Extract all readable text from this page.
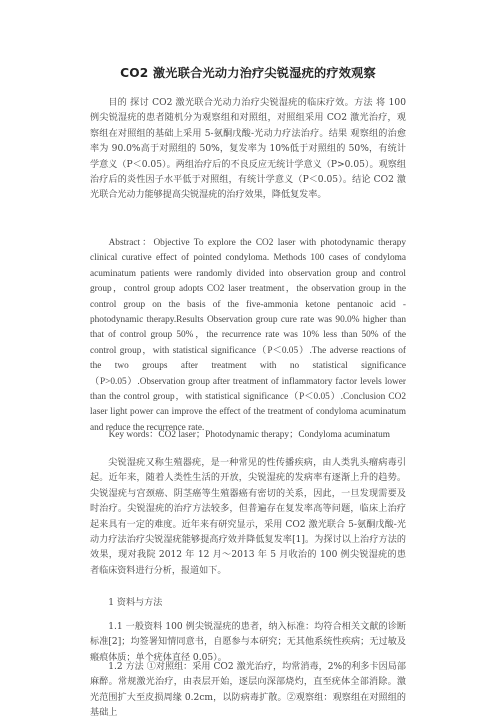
CO2 激光联合光动力治疗尖锐湿疣的疗效观察

目的 探讨 CO2 激光联合光动力治疗尖锐湿疣的临床疗效。方法 将 100 例尖锐湿疣的患者随机分为观察组和对照组，对照组采用 CO2 激光治疗，观察组在对照组的基础上采用 5-氨酮戊酸-光动力疗法治疗。结果 观察组的治愈率为 90.0%高于对照组的 50%，复发率为 10%低于对照组的 50%，有统计学意义（P＜0.05）。两组治疗后的不良反应无统计学意义（P>0.05）。观察组治疗后的炎性因子水平低于对照组，有统计学意义（P＜0.05）。结论 CO2 激光联合光动力能够提高尖锐湿疣的治疗效果，降低复发率。

Abstract：Objective To explore the CO2 laser with photodynamic therapy clinical curative effect of pointed condyloma. Methods 100 cases of condyloma acuminatum patients were randomly divided into observation group and control group，control group adopts CO2 laser treatment，the observation group in the control group on the basis of the five-ammonia ketone pentanoic acid - photodynamic therapy.Results Observation group cure rate was 90.0% higher than that of control group 50%，the recurrence rate was 10% less than 50% of the control group，with statistical significance（P＜0.05）.The adverse reactions of the two groups after treatment with no statistical significance（P>0.05）.Observation group after treatment of inflammatory factor levels lower than the control group，with statistical significance（P＜0.05）.Conclusion CO2 laser light power can improve the effect of the treatment of condyloma acuminatum and reduce the recurrence rate.

Key words：CO2 laser；Photodynamic therapy；Condyloma acuminatum

尖锐湿疣又称生殖器疣，是一种常见的性传播疾病，由人类乳头瘤病毒引起。近年来，随着人类性生活的开放，尖锐湿疣的发病率有逐渐上升的趋势。尖锐湿疣与宫颈癌、阴茎癌等生殖器癌有密切的关系，因此，一旦发现需要及时治疗。尖锐湿疣的治疗方法较多，但普遍存在复发率高等问题，临床上治疗起来具有一定的难度。近年来有研究显示，采用 CO2 激光联合 5-氨酮戊酸-光动力疗法治疗尖锐湿疣能够提高疗效并降低复发率[1]。为探讨以上治疗方法的效果，现对我院 2012 年 12 月～2013 年 5 月收治的 100 例尖锐湿疣的患者临床资料进行分析，报道如下。

1 资料与方法

1.1 一般资料 100 例尖锐湿疣的患者，纳入标准：均符合相关文献的诊断标准[2]；均签署知情同意书，自愿参与本研究；无其他系统性疾病；无过敏及瘢痕体质；单个疣体直径 0.05）。

1.2 方法 ①对照组：采用 CO2 激光治疗，均常消毒，2%的利多卡因局部麻醉。常规激光治疗，由表层开始，逐层向深部烧灼，直至疣体全部消除。激光范围扩大至皮损周缘 0.2cm，以防病毒扩散。②观察组：观察组在对照组的基础上
